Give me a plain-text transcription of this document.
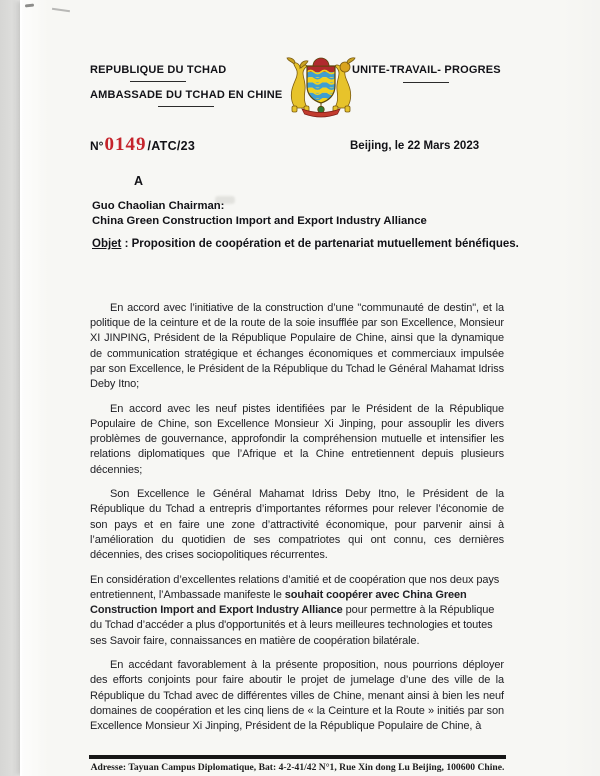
REPUBLIQUE DU TCHAD
AMBASSADE DU TCHAD EN CHINE
UNITE-TRAVAIL- PROGRES
N° 0149 /ATC/23	Beijing, le 22 Mars 2023
A
Guo Chaolian Chairman:
China Green Construction Import and Export Industry Alliance
Objet : Proposition de coopération et de partenariat mutuellement bénéfiques.

En accord avec l’initiative de la construction d’une "communauté de destin", et la politique de la ceinture et de la route de la soie insufflée par son Excellence, Monsieur XI JINPING, Président de la République Populaire de Chine, ainsi que la dynamique de communication stratégique et échanges économiques et commerciaux impulsée par son Excellence, le Président de la République du Tchad le Général Mahamat Idriss Deby Itno;

En accord avec les neuf pistes identifiées par le Président de la République Populaire de Chine, son Excellence Monsieur Xi Jinping, pour assouplir les divers problèmes de gouvernance, approfondir la compréhension mutuelle et intensifier les relations diplomatiques que l’Afrique et la Chine entretiennent depuis plusieurs décennies;

Son Excellence le Général Mahamat Idriss Deby Itno, le Président de la République du Tchad a entrepris d’importantes réformes pour relever l’économie de son pays et en faire une zone d’attractivité économique, pour parvenir ainsi à l’amélioration du quotidien de ses compatriotes qui ont connu, ces dernières décennies, des crises sociopolitiques récurrentes.

En considération d’excellentes relations d’amitié et de coopération que nos deux pays entretiennent, l’Ambassade manifeste le souhait coopérer avec China Green Construction Import and Export Industry Alliance pour permettre à la République du Tchad d’accéder a plus d'opportunités et à leurs meilleures technologies et toutes ses Savoir faire, connaissances en matière de coopération bilatérale.

En accédant favorablement à la présente proposition, nous pourrions déployer des efforts conjoints pour faire aboutir le projet de jumelage d’une des ville de la République du Tchad avec de différentes villes de Chine, menant ainsi à bien les neuf domaines de coopération et les cinq liens de « la Ceinture et la Route » initiés par son Excellence Monsieur Xi Jinping, Président de la République Populaire de Chine, à

Adresse: Tayuan Campus Diplomatique, Bat: 4-2-41/42 N°1, Rue Xin dong Lu Beijing, 100600 Chine.
